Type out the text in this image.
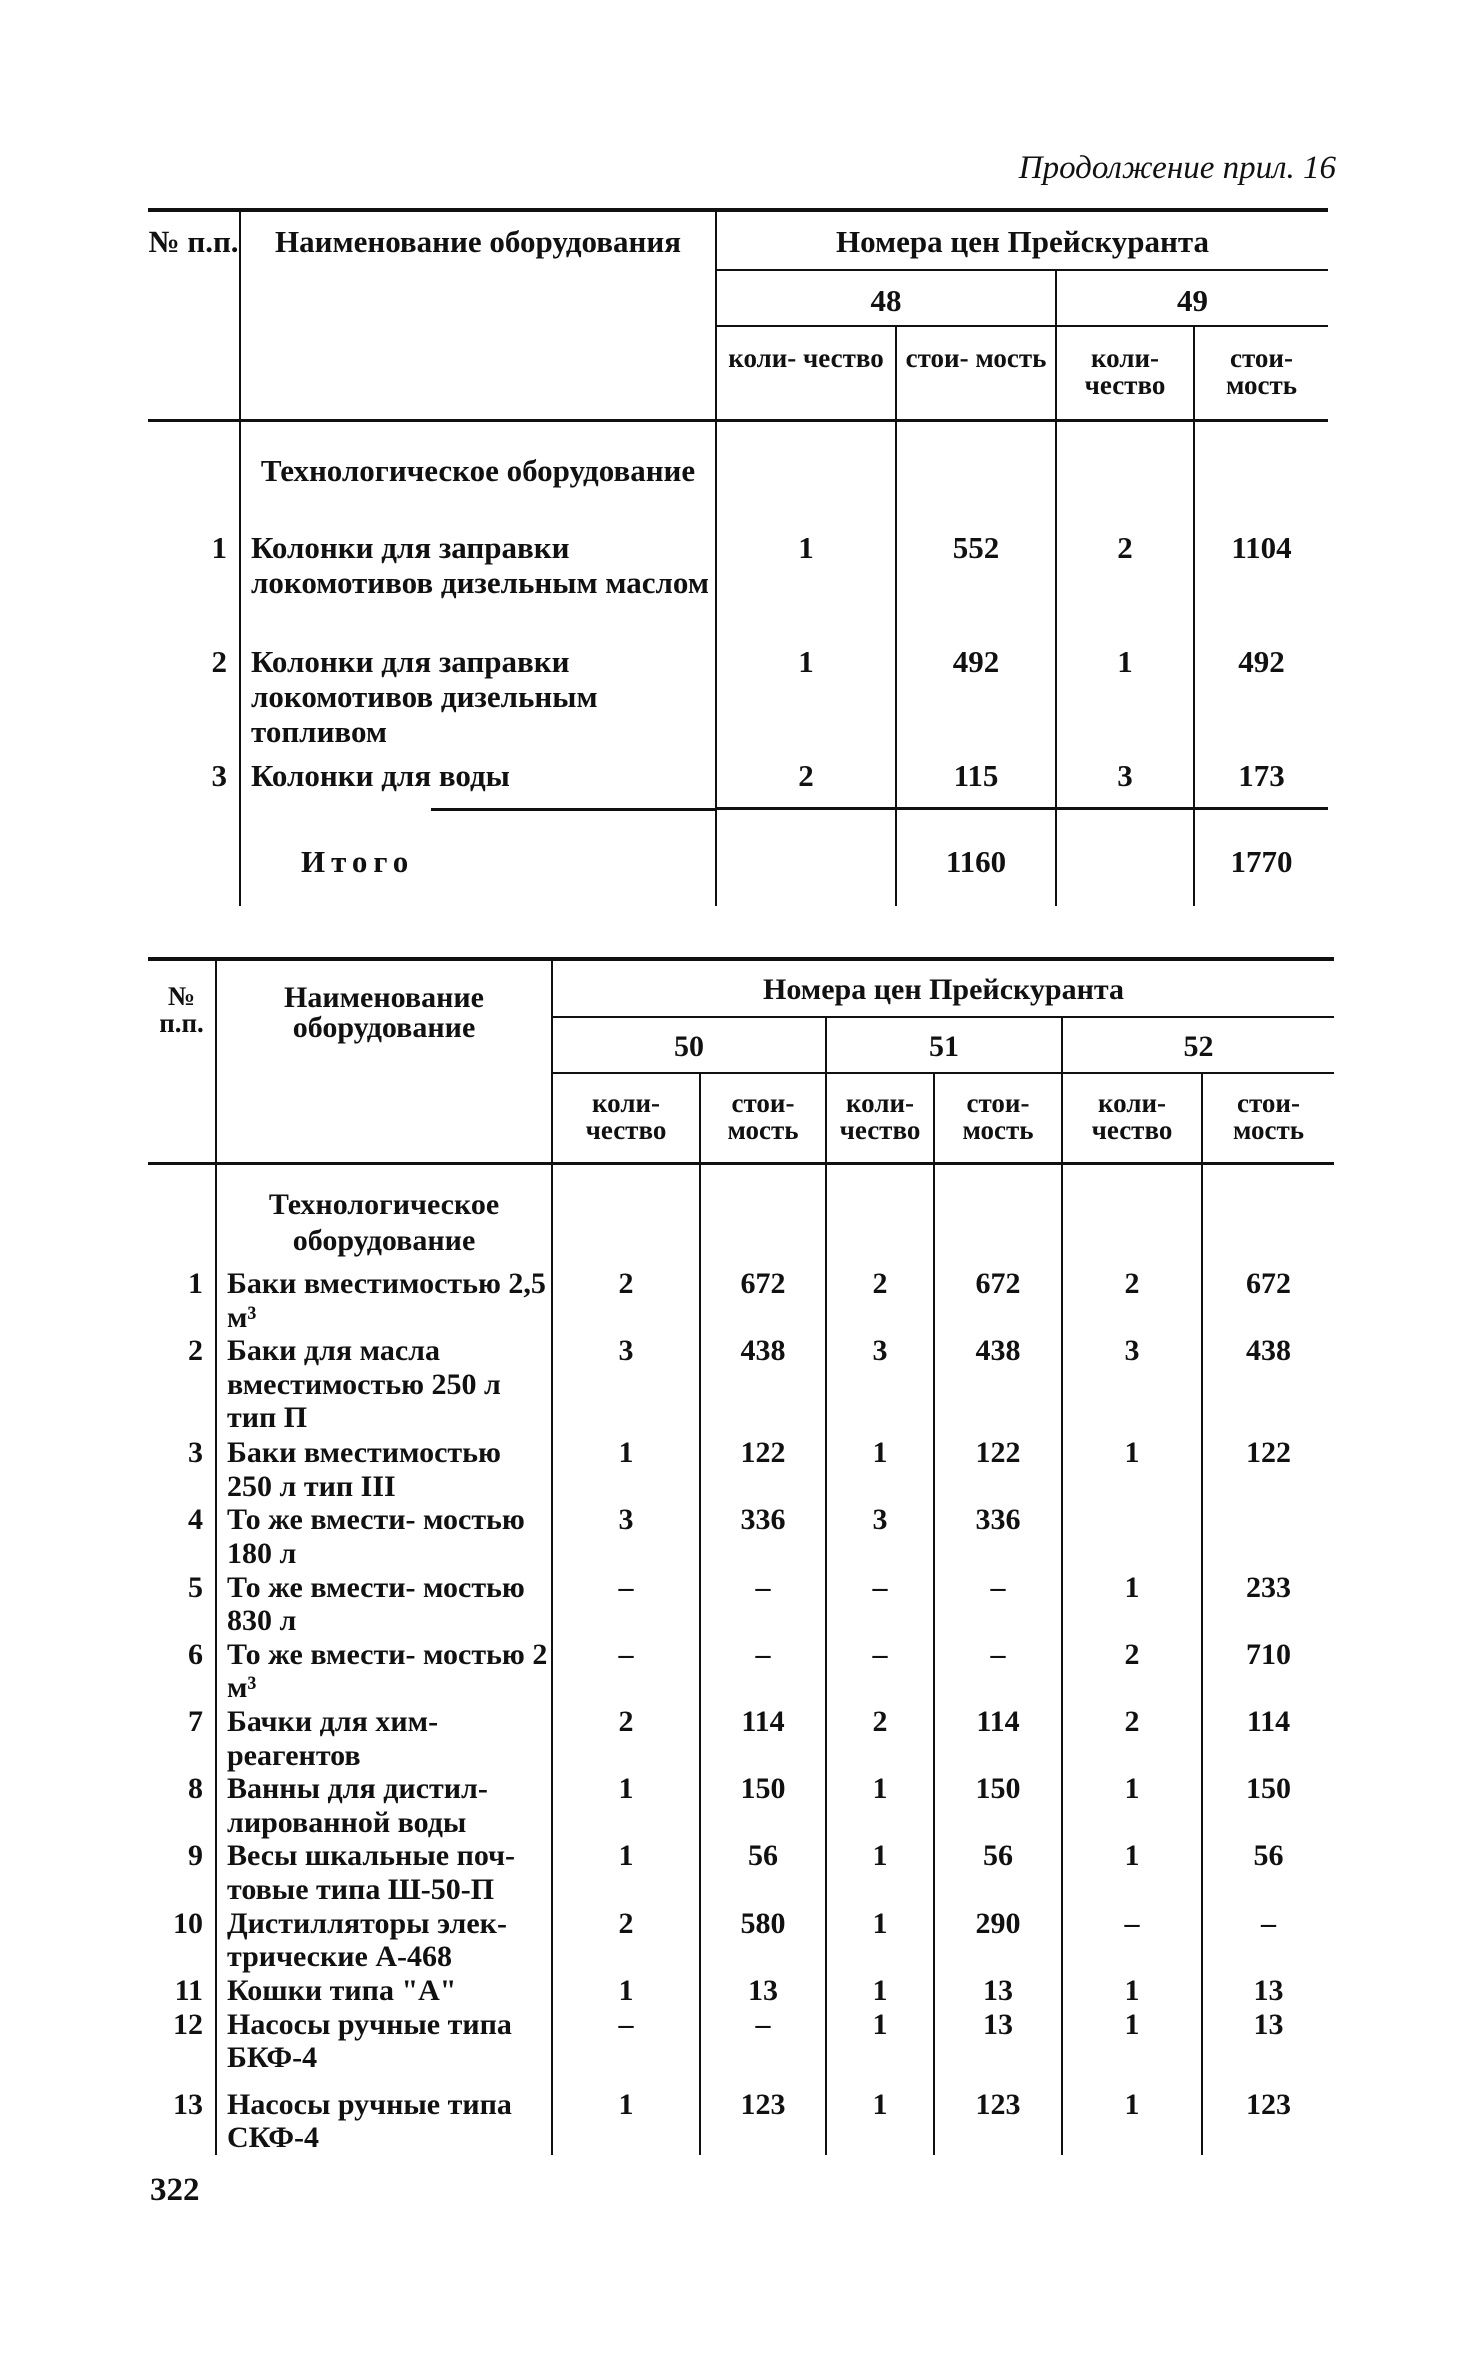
Продолжение прил. 16
№ п.п.	Наименование оборудования	Номера цен Прейскуранта			
		48		49	
		коли- чество	стои- мость	коли- чество	стои- мость
	Технологическое оборудование				
1	Колонки для заправки локомотивов дизельным маслом	1	552	2	1104
2	Колонки для заправки локомотивов дизельным топливом	1	492	1	492
3	Колонки для воды	2	115	3	173

	Итого		1160		1770
№ п.п.	Наименование оборудование	Номера цен Прейскуранта					
		50		51		52	
		коли- чество	стои- мость	коли- чество	стои- мость	коли- чество	стои- мость
	Технологическое оборудование						
1	Баки вместимостью 2,5 м³	2	672	2	672	2	672
2	Баки для масла вместимостью 250 л тип П	3	438	3	438	3	438
3	Баки вместимостью 250 л тип III	1	122	1	122	1	122
4	То же вмести- мостью 180 л	3	336	3	336		
5	То же вмести- мостью 830 л	–	–	–	–	1	233
6	То же вмести- мостью 2 м³	–	–	–	–	2	710
7	Бачки для хим- реагентов	2	114	2	114	2	114
8	Ванны для дистил- лированной воды	1	150	1	150	1	150
9	Весы шкальные поч- товые типа Ш-50-П	1	56	1	56	1	56
10	Дистилляторы элек- трические А-468	2	580	1	290	–	–
11	Кошки типа "А"	1	13	1	13	1	13
12	Насосы ручные типа БКФ-4	–	–	1	13	1	13
13	Насосы ручные типа СКФ-4	1	123	1	123	1	123
322
